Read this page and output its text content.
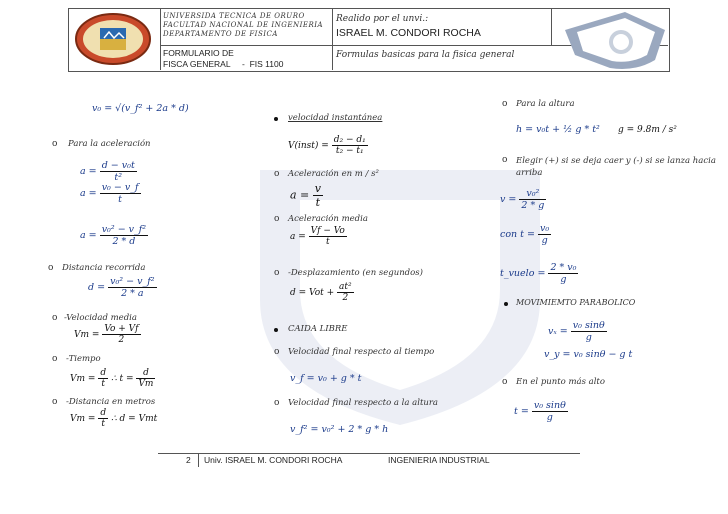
UNIVERSIDA TECNICA DE ORURO
FACULTAD NACIONAL DE INGENIERIA
DEPARTAMENTO DE FISICA
Realido por el unvi.:
ISRAEL M. CONDORI ROCHA
FORMULARIO DE
FISCA GENERAL     -  FIS 1100
Formulas basicas para la fisica general
v₀ = √(v_f² + 2a * d)
o Para la aceleración
$a = \frac{\text{d − v₀t}}{\text{t²}}$
$a = \frac{\text{v₀ − v\_f}}{t}$
$a = \frac{\text{v₀² − v\_f²}}{2 * d}$
o Distancia recorrida
$d = \frac{\text{v₀² − v\_f²}}{2 * a}$
o -Velocidad media
$Vm = \frac{Vo + Vf}{2}$
o -Tiempo
$Vm = \frac{d}{t}$ ∴ $t = \frac{d}{Vm}$
o -Distancia en metros
$Vm = \frac{d}{t}$ ∴ d = Vmt
velocidad instantánea
V(inst) = $\frac{\text{d₂ − d₁}}{\text{t₂ − t₁}}$
o Aceleración en m / s²
$a = \frac{v}{t}$
o Aceleración media
$a = \frac{Vf - Vo}{t}$
o -Desplazamiento (en segundos)
d = Vot + $\frac{\text{at²}}{2}$
CAIDA LIBRE
o Velocidad final respecto al tiempo
v_f = v₀ + g * t
o Velocidad final respecto a la altura
v_f² = v₀² + 2 * g * h
o Para la altura
h = v₀t + ½ g * t² g = 9.8m / s²
o Elegir (+) si se deja caer y (-) si se lanza hacia arriba
$v = \frac{\text{v₀²}}{2 * g}$
con $t = \frac{\text{v₀}}{g}$
t_vuelo = $\frac{\text{2 * v₀}}{g}$
MOVIMIEMTO PARABOLICO
$v_x = \frac{\text{v₀ sinθ}}{g}$
v_y = v₀ sinθ − g t
o En el punto más alto
$t = \frac{\text{v₀ sinθ}}{g}$
2 Univ. ISRAEL M. CONDORI ROCHA	INGENIERIA INDUSTRIAL
